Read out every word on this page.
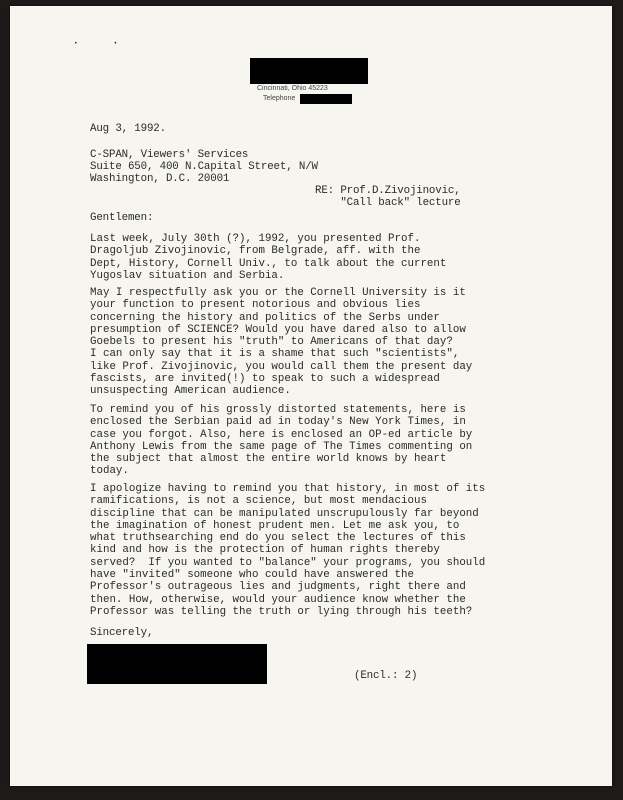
••
Cincinnati, Ohio 45223
Telephone
Aug 3, 1992.
C-SPAN, Viewers' Services
Suite 650, 400 N.Capital Street, N/W
Washington, D.C. 20001
RE: Prof.D.Zivojinovic,
"Call back" lecture
Gentlemen:
Last week, July 30th (?), 1992, you presented Prof.
Dragoljub Zivojinovic, from Belgrade, aff. with the
Dept, History, Cornell Univ., to talk about the current
Yugoslav situation and Serbia.
May I respectfully ask you or the Cornell University is it
your function to present notorious and obvious lies
concerning the history and politics of the Serbs under
presumption of SCIENCE? Would you have dared also to allow
Goebels to present his "truth" to Americans of that day?
I can only say that it is a shame that such "scientists",
like Prof. Zivojinovic, you would call them the present day
fascists, are invited(!) to speak to such a widespread
unsuspecting American audience.
To remind you of his grossly distorted statements, here is
enclosed the Serbian paid ad in today's New York Times, in
case you forgot. Also, here is enclosed an OP-ed article by
Anthony Lewis from the same page of The Times commenting on
the subject that almost the entire world knows by heart
today.
I apologize having to remind you that history, in most of its
ramifications, is not a science, but most mendacious
discipline that can be manipulated unscrupulously far beyond
the imagination of honest prudent men. Let me ask you, to
what truthsearching end do you select the lectures of this
kind and how is the protection of human rights thereby
served?  If you wanted to "balance" your programs, you should
have "invited" someone who could have answered the
Professor's outrageous lies and judgments, right there and
then. How, otherwise, would your audience know whether the
Professor was telling the truth or lying through his teeth?
Sincerely,
(Encl.: 2)
